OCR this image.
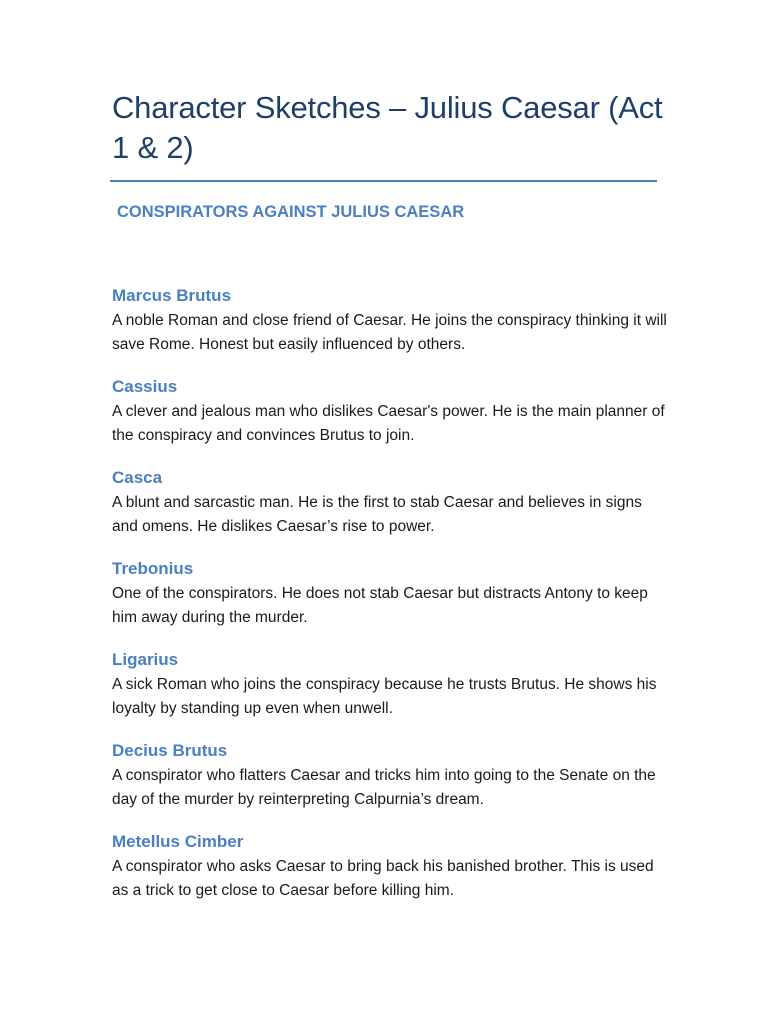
Character Sketches – Julius Caesar (Act 1 & 2)
CONSPIRATORS AGAINST JULIUS CAESAR
Marcus Brutus

A noble Roman and close friend of Caesar. He joins the conspiracy thinking it will save Rome. Honest but easily influenced by others.

Cassius

A clever and jealous man who dislikes Caesar's power. He is the main planner of the conspiracy and convinces Brutus to join.

Casca

A blunt and sarcastic man. He is the first to stab Caesar and believes in signs and omens. He dislikes Caesar’s rise to power.

Trebonius

One of the conspirators. He does not stab Caesar but distracts Antony to keep him away during the murder.

Ligarius

A sick Roman who joins the conspiracy because he trusts Brutus. He shows his loyalty by standing up even when unwell.

Decius Brutus

A conspirator who flatters Caesar and tricks him into going to the Senate on the day of the murder by reinterpreting Calpurnia’s dream.

Metellus Cimber

A conspirator who asks Caesar to bring back his banished brother. This is used as a trick to get close to Caesar before killing him.
